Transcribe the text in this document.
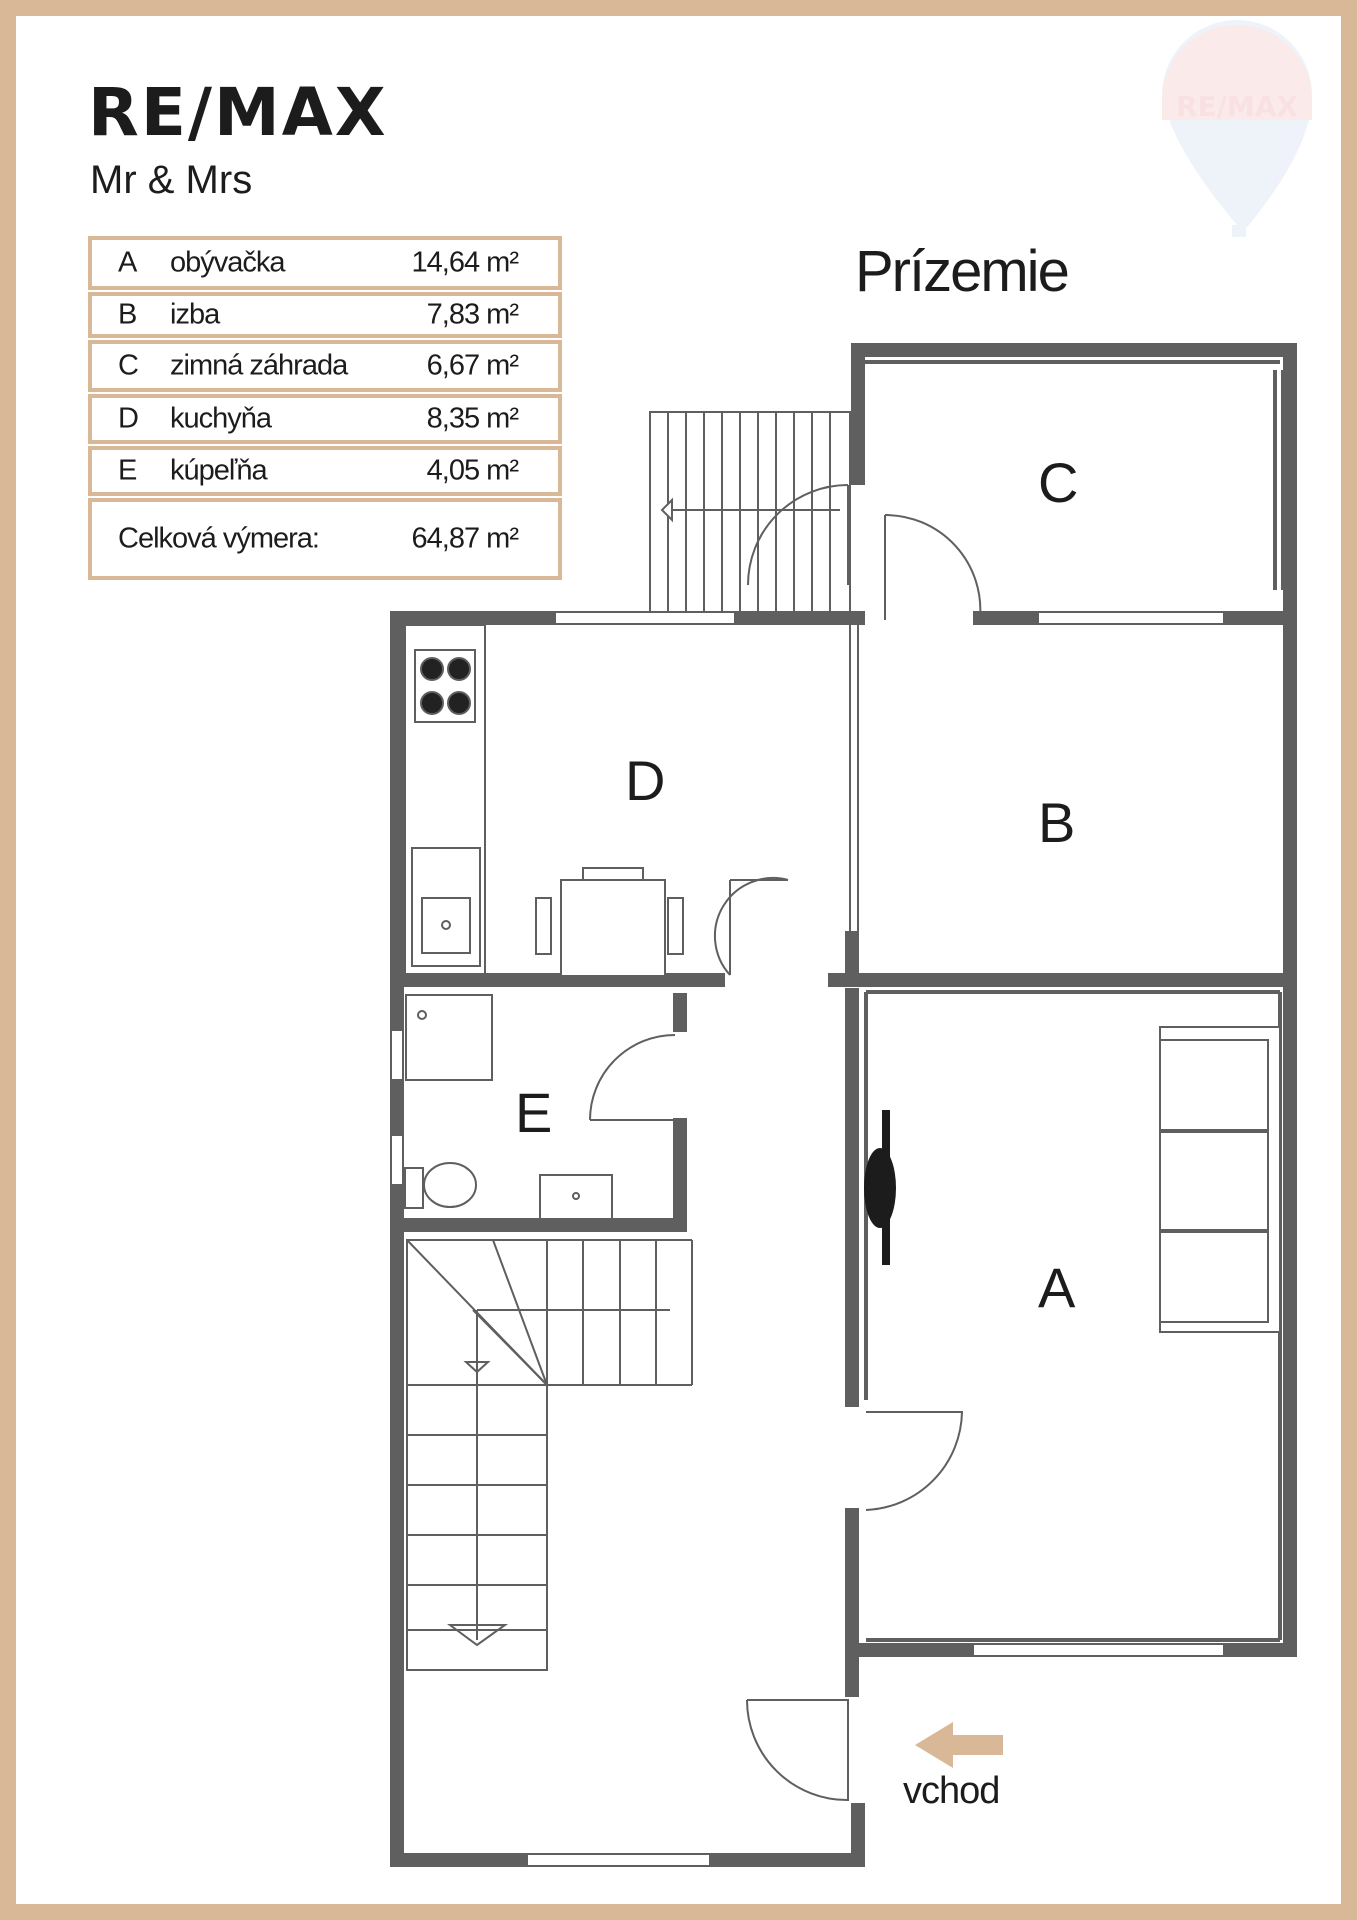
RE/MAX
Mr & Mrs
A obývačka	14,64 m²
B izba	7,83 m²
C zimná záhrada	6,67 m²
D kuchyňa	8,35 m²
E kúpeľňa	4,05 m²
Celková výmera:	64,87 m²
Prízemie
RE/MAX
C
D
B
E
A
vchod
